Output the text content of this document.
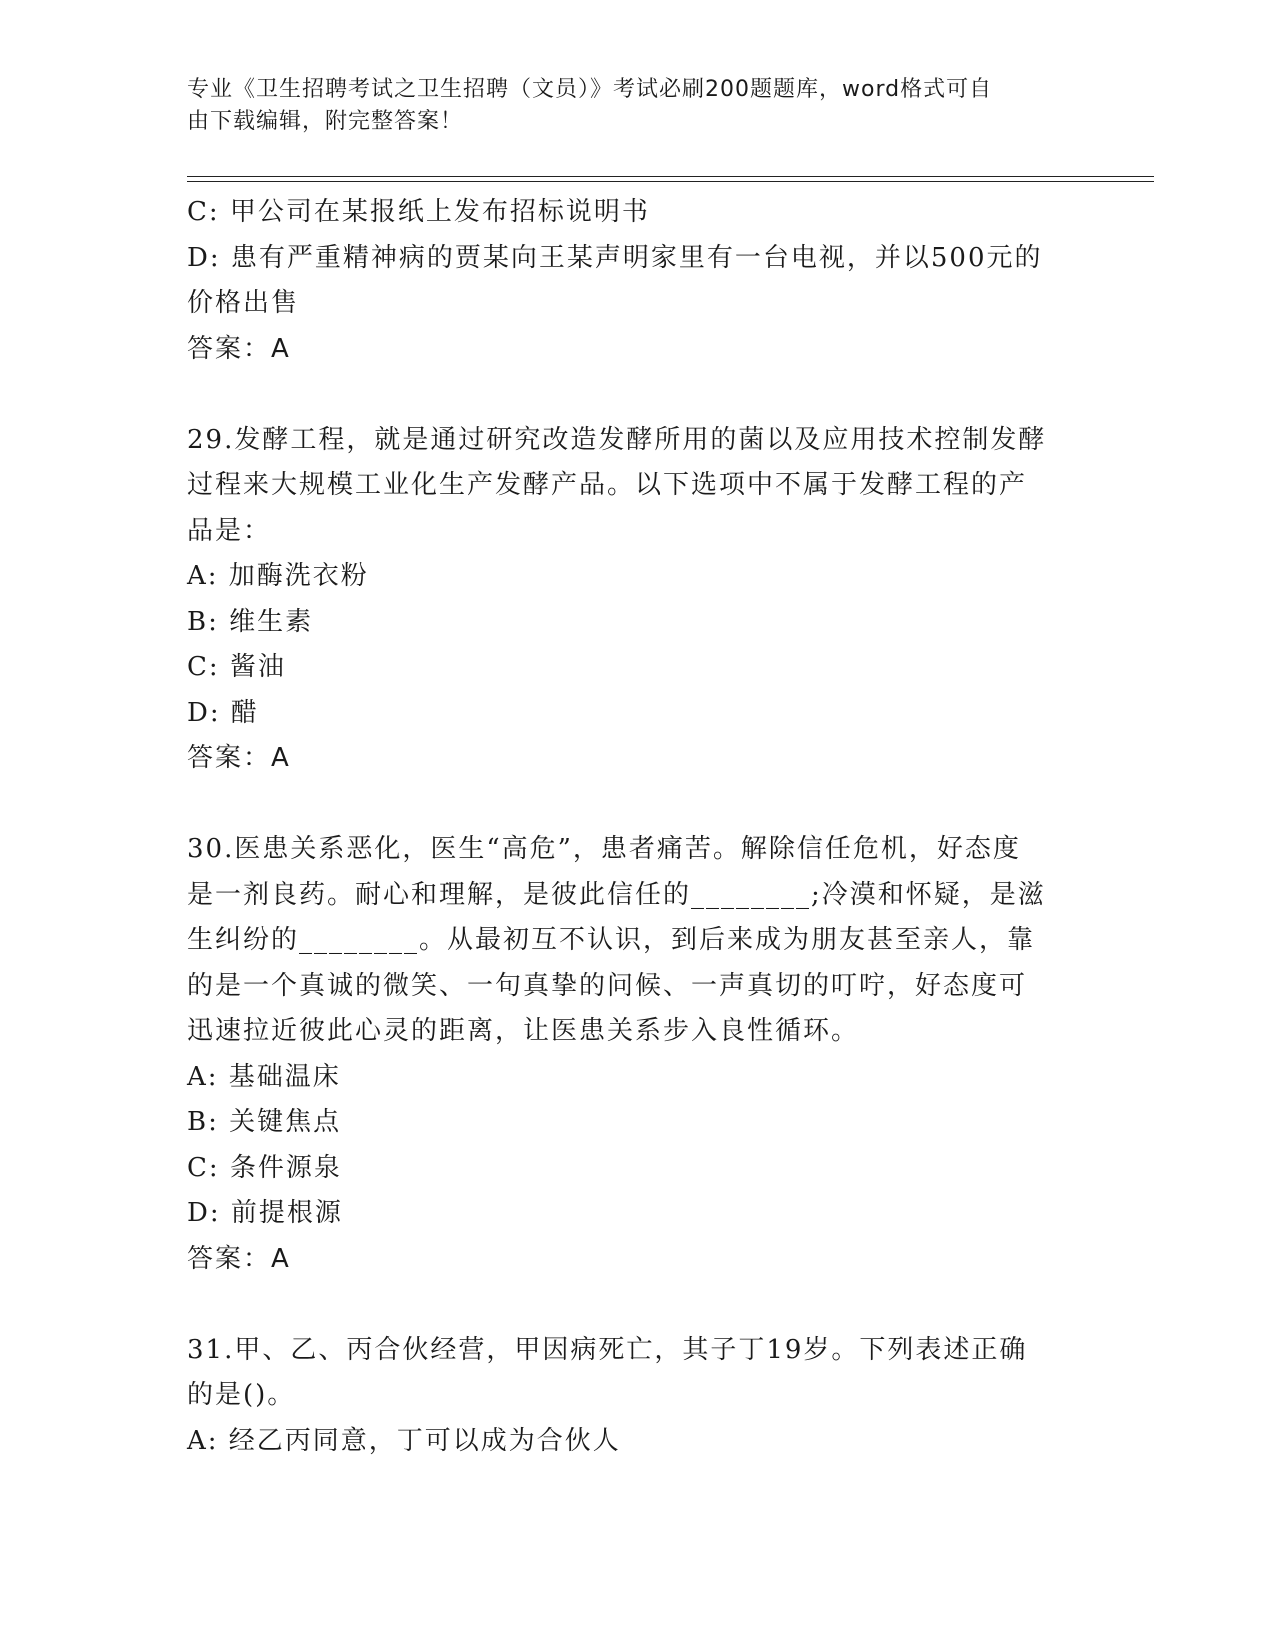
专业《卫生招聘考试之卫生招聘（文员）》考试必刷200题题库，word格式可自
由下载编辑，附完整答案！
C: 甲公司在某报纸上发布招标说明书
D: 患有严重精神病的贾某向王某声明家里有一台电视，并以500元的
价格出售
答案：A
29.发酵工程，就是通过研究改造发酵所用的菌以及应用技术控制发酵
过程来大规模工业化生产发酵产品。以下选项中不属于发酵工程的产
品是：
A: 加酶洗衣粉
B: 维生素
C: 酱油
D: 醋
答案：A
30.医患关系恶化，医生“高危”，患者痛苦。解除信任危机，好态度
是一剂良药。耐心和理解，是彼此信任的________;冷漠和怀疑，是滋
生纠纷的________。从最初互不认识，到后来成为朋友甚至亲人，靠
的是一个真诚的微笑、一句真挚的问候、一声真切的叮咛，好态度可
迅速拉近彼此心灵的距离，让医患关系步入良性循环。
A: 基础温床
B: 关键焦点
C: 条件源泉
D: 前提根源
答案：A
31.甲、乙、丙合伙经营，甲因病死亡，其子丁19岁。下列表述正确
的是()。
A: 经乙丙同意，丁可以成为合伙人
